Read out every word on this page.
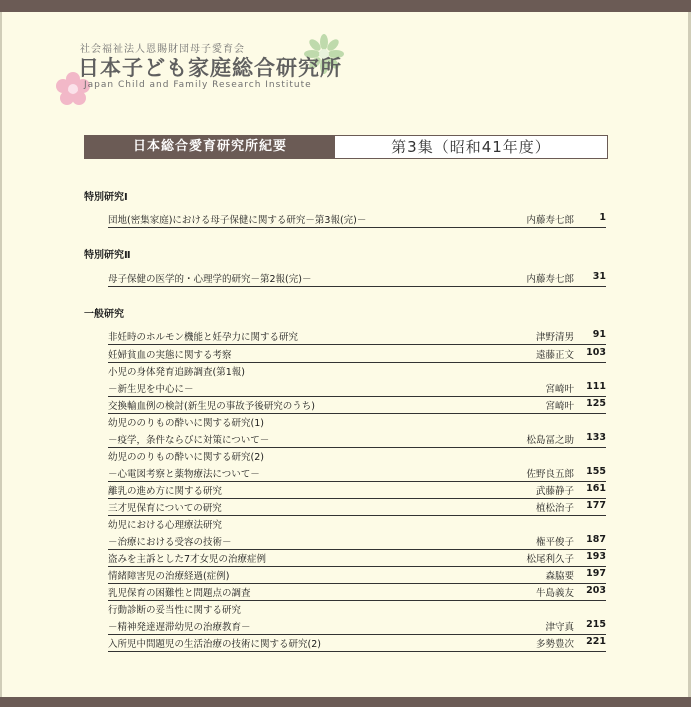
社会福祉法人恩賜財団母子愛育会
日本子ども家庭総合研究所
Japan Child and Family Research Institute
日本総合愛育研究所紀要	第3集（昭和41年度）
特別研究Ⅰ
特別研究Ⅱ
一般研究
団地(密集家庭)における母子保健に関する研究－第3報(完)－	内藤寿七郎	1
母子保健の医学的・心理学的研究－第2報(完)－	内藤寿七郎	31
非妊時のホルモン機能と妊孕力に関する研究	津野清男	91
妊婦貧血の実態に関する考察	遠藤正文	103
小児の身体発育追跡調査(第1報)
－新生児を中心に－	宮崎叶	111
交換輸血例の検討(新生児の事故予後研究のうち)	宮崎叶	125
幼児ののりもの酔いに関する研究(1)
－疫学，条件ならびに対策について－	松島冨之助	133
幼児ののりもの酔いに関する研究(2)
－心電図考察と薬物療法について－	佐野良五郎	155
離乳の進め方に関する研究	武藤静子	161
三才児保育についての研究	植松治子	177
幼児における心理療法研究
－治療における受容の技術－	権平俊子	187
盗みを主訴とした7才女児の治療症例	松尾利久子	193
情緒障害児の治療経過(症例)	森脇要	197
乳児保育の困難性と問題点の調査	牛島義友	203
行動診断の妥当性に関する研究
－精神発達遅滞幼児の治療教育－	津守真	215
入所児中問題児の生活治療の技術に関する研究(2)	多勢豊次	221
